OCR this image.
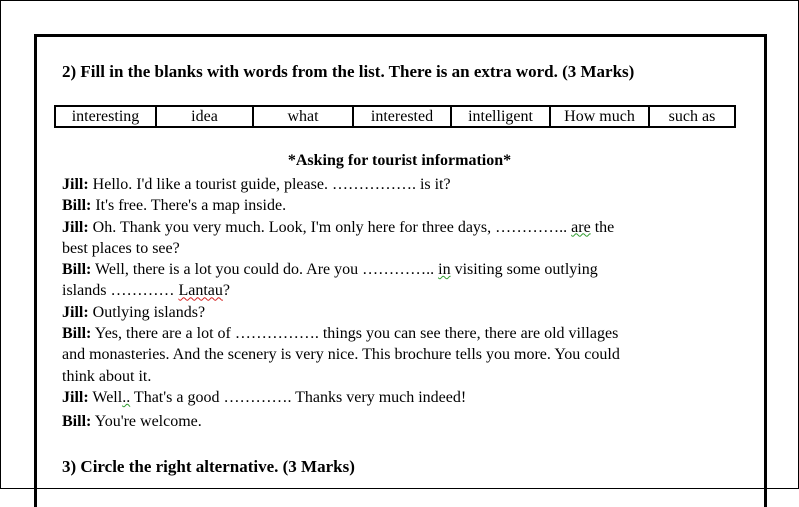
2) Fill in the blanks with words from the list. There is an extra word. (3 Marks)
interesting	idea	what	interested	intelligent	How much	such as
*Asking for tourist information*
Jill: Hello. I'd like a tourist guide, please. ……………. is it?
Bill: It's free. There's a map inside.
Jill: Oh. Thank you very much. Look, I'm only here for three days, ………….. are the
best places to see?
Bill: Well, there is a lot you could do. Are you ………….. in visiting some outlying
islands ………… Lantau?
Jill: Outlying islands?
Bill: Yes, there are a lot of ……………. things you can see there, there are old villages
and monasteries. And the scenery is very nice. This brochure tells you more. You could
think about it.
Jill: Well.. That's a good …………. Thanks very much indeed!
Bill: You're welcome.
3) Circle the right alternative. (3 Marks)
